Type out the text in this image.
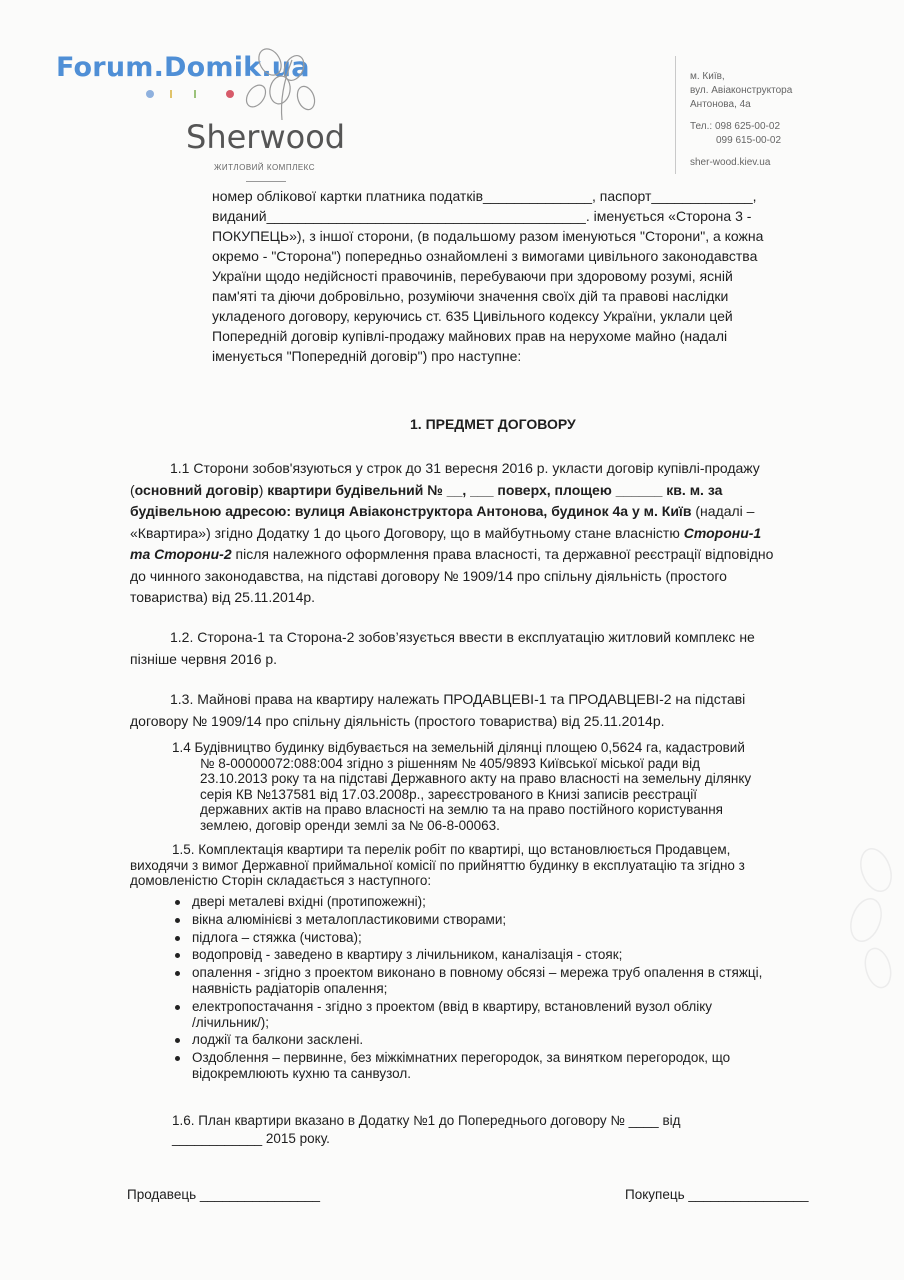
Forum.Domik.ua
Sherwood
ЖИТЛОВИЙ КОМПЛЕКС
м. Київ,
вул. Авіаконструктора
Антонова, 4а
Тел.: 098 625-00-02
099 615-00-02
sher-wood.kiev.ua
номер облікової картки платника податків______________, паспорт_____________,
виданий_________________________________________. іменується «Сторона 3 -
ПОКУПЕЦЬ»), з іншої сторони, (в подальшому разом іменуються "Сторони", а кожна
окремо - "Сторона") попередньо ознайомлені з вимогами цивільного законодавства
України щодо недійсності правочинів, перебуваючи при здоровому розумі, ясній
пам'яті та діючи добровільно, розуміючи значення своїх дій та правові наслідки
укладеного договору, керуючись ст. 635 Цивільного кодексу України, уклали цей
Попередній договір купівлі-продажу майнових прав на нерухоме майно (надалі
іменується "Попередній договір") про наступне:
1. ПРЕДМЕТ ДОГОВОРУ
1.1 Сторони зобов'язуються у строк до 31 вересня 2016 р. укласти договір купівлі-продажу
(основний договір) квартири будівельний № __, ___ поверх, площею ______ кв. м. за
будівельною адресою: вулиця Авіаконструктора Антонова, будинок 4а у м. Київ (надалі –
«Квартира») згідно Додатку 1 до цього Договору, що в майбутньому стане власністю Сторони-1
та Сторони-2 після належного оформлення права власності, та державної реєстрації відповідно
до чинного законодавства, на підставі договору № 1909/14 про спільну діяльність (простого
товариства) від 25.11.2014р.
1.2. Сторона-1 та Сторона-2 зобов’язується ввести в експлуатацію житловий комплекс не
пізніше червня 2016 р.
1.3. Майнові права на квартиру належать ПРОДАВЦЕВІ-1 та ПРОДАВЦЕВІ-2 на підставі
договору № 1909/14 про спільну діяльність (простого товариства) від 25.11.2014р.
1.4 Будівництво будинку відбувається на земельній ділянці площею 0,5624 га, кадастровий
№ 8-00000072:088:004 згідно з рішенням № 405/9893 Київської міської ради від
23.10.2013 року та на підставі Державного акту на право власності на земельну ділянку
серія КВ №137581 від 17.03.2008р., зареєстрованого в Книзі записів реєстрації
державних актів на право власності на землю та на право постійного користування
землею, договір оренди землі за № 06-8-00063.
1.5. Комплектація квартири та перелік робіт по квартирі, що встановлюється Продавцем,
виходячи з вимог Державної приймальної комісії по прийняттю будинку в експлуатацію та згідно з
домовленістю Сторін складається з наступного:
двері металеві вхідні (протипожежні);
вікна алюмінієві з металопластиковими створами;
підлога – стяжка (чистова);
водопровід - заведено в квартиру з лічильником, каналізація - стояк;
опалення - згідно з проектом виконано в повному обсязі – мережа труб опалення в стяжці,
наявність радіаторів опалення;
електропостачання - згідно з проектом (ввід в квартиру, встановлений вузол обліку
/лічильник/);
лоджії та балкони засклені.
Оздоблення – первинне, без міжкімнатних перегородок, за винятком перегородок, що
відокремлюють кухню та санвузол.
1.6. План квартири вказано в Додатку №1 до Попереднього договору № ____ від
____________ 2015 року.
Продавець ________________	Покупець ________________
